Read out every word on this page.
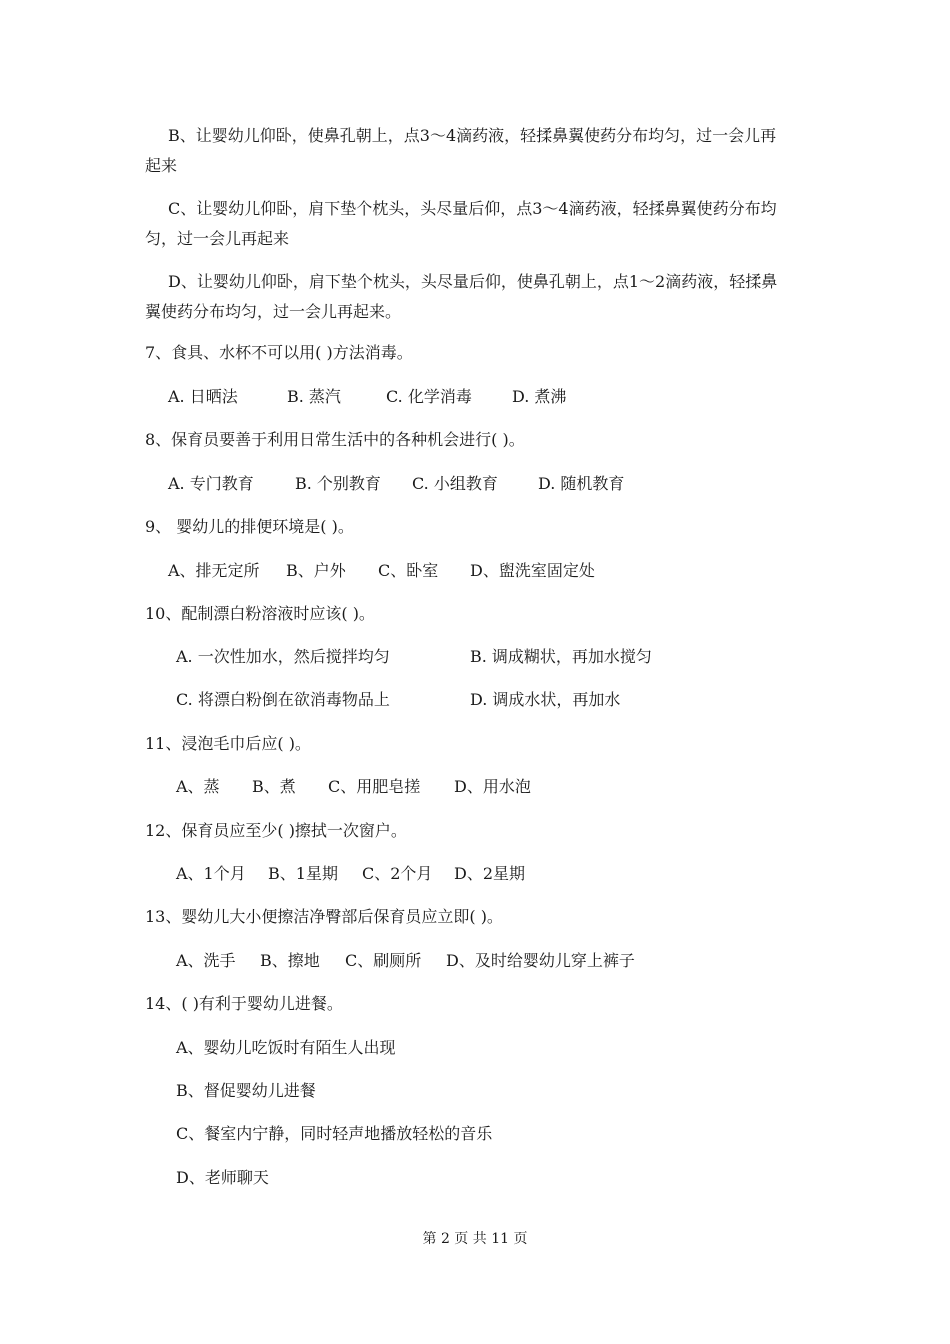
B、让婴幼儿仰卧，使鼻孔朝上，点3～4滴药液，轻揉鼻翼使药分布均匀，过一会儿再
起来
C、让婴幼儿仰卧，肩下垫个枕头，头尽量后仰，点3～4滴药液，轻揉鼻翼使药分布均
匀，过一会儿再起来
D、让婴幼儿仰卧，肩下垫个枕头，头尽量后仰，使鼻孔朝上，点1～2滴药液，轻揉鼻
翼使药分布均匀，过一会儿再起来。
7、食具、水杯不可以用( )方法消毒。
A. 日晒法	B. 蒸汽	C. 化学消毒	D. 煮沸
8、保育员要善于利用日常生活中的各种机会进行( )。
A. 专门教育	B. 个别教育 C. 小组教育	D. 随机教育
9、 婴幼儿的排便环境是( )。
A、排无定所 B、户外 C、卧室 D、盥洗室固定处
10、配制漂白粉溶液时应该( )。
A. 一次性加水，然后搅拌均匀	B. 调成糊状，再加水搅匀
C. 将漂白粉倒在欲消毒物品上	D. 调成水状，再加水
11、浸泡毛巾后应( )。
A、蒸 B、煮 C、用肥皂搓 D、用水泡
12、保育员应至少( )擦拭一次窗户。
A、1个月 B、1星期 C、2个月 D、2星期
13、婴幼儿大小便擦洁净臀部后保育员应立即( )。
A、洗手 B、擦地 C、刷厕所 D、及时给婴幼儿穿上裤子
14、( )有利于婴幼儿进餐。
A、婴幼儿吃饭时有陌生人出现
B、督促婴幼儿进餐
C、餐室内宁静，同时轻声地播放轻松的音乐
D、老师聊天
第 2 页 共 11 页
